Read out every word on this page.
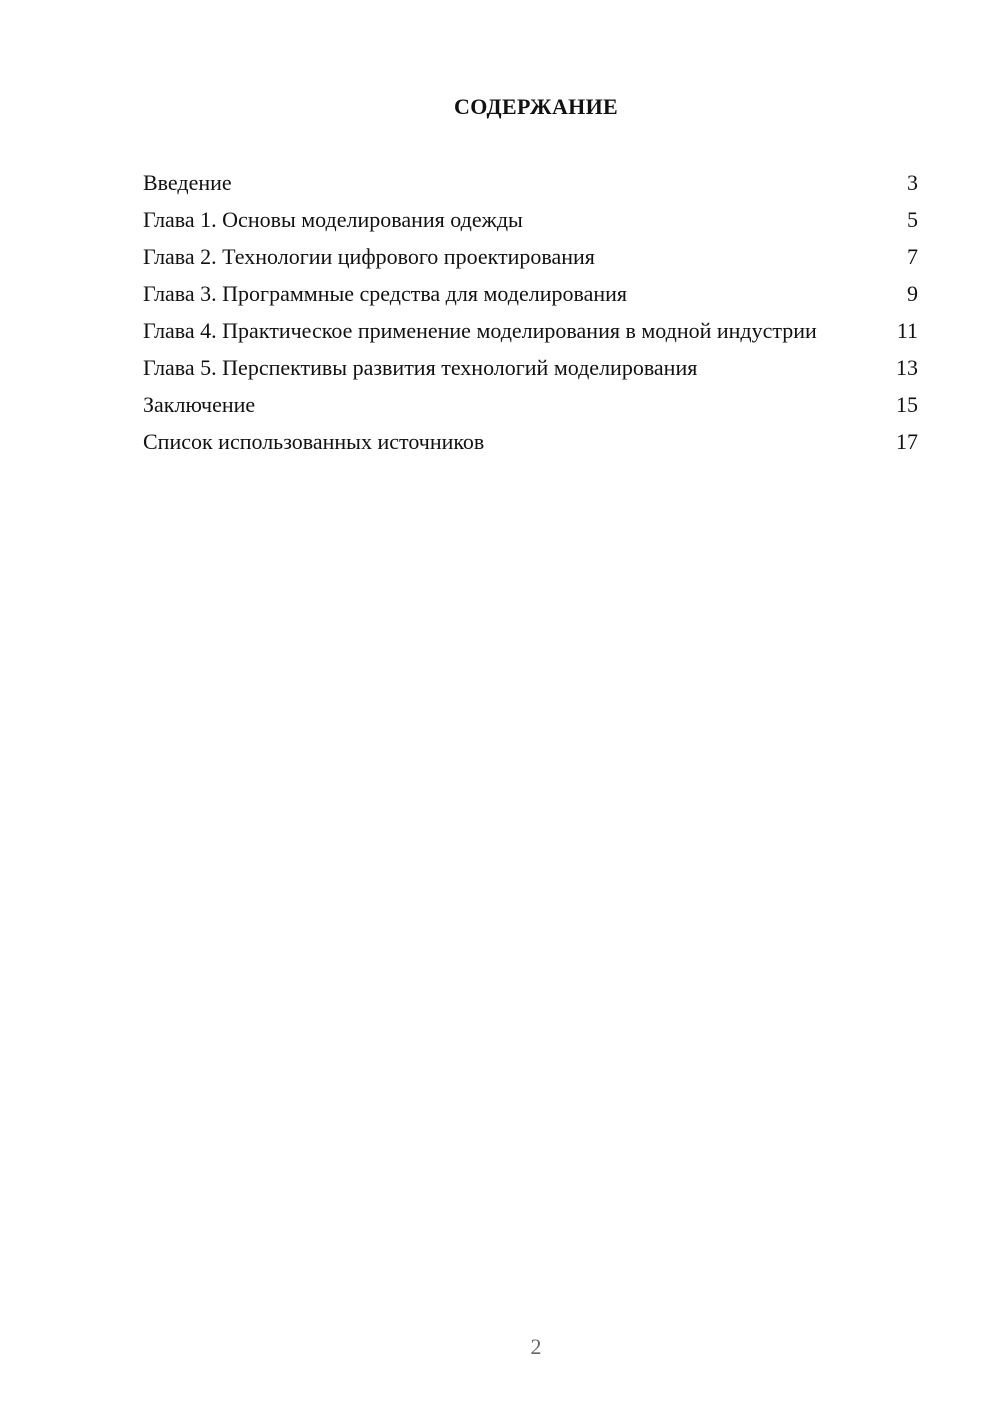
СОДЕРЖАНИЕ
Введение	3
Глава 1. Основы моделирования одежды	5
Глава 2. Технологии цифрового проектирования	7
Глава 3. Программные средства для моделирования	9
Глава 4. Практическое применение моделирования в модной индустрии	11
Глава 5. Перспективы развития технологий моделирования	13
Заключение	15
Список использованных источников	17
2
